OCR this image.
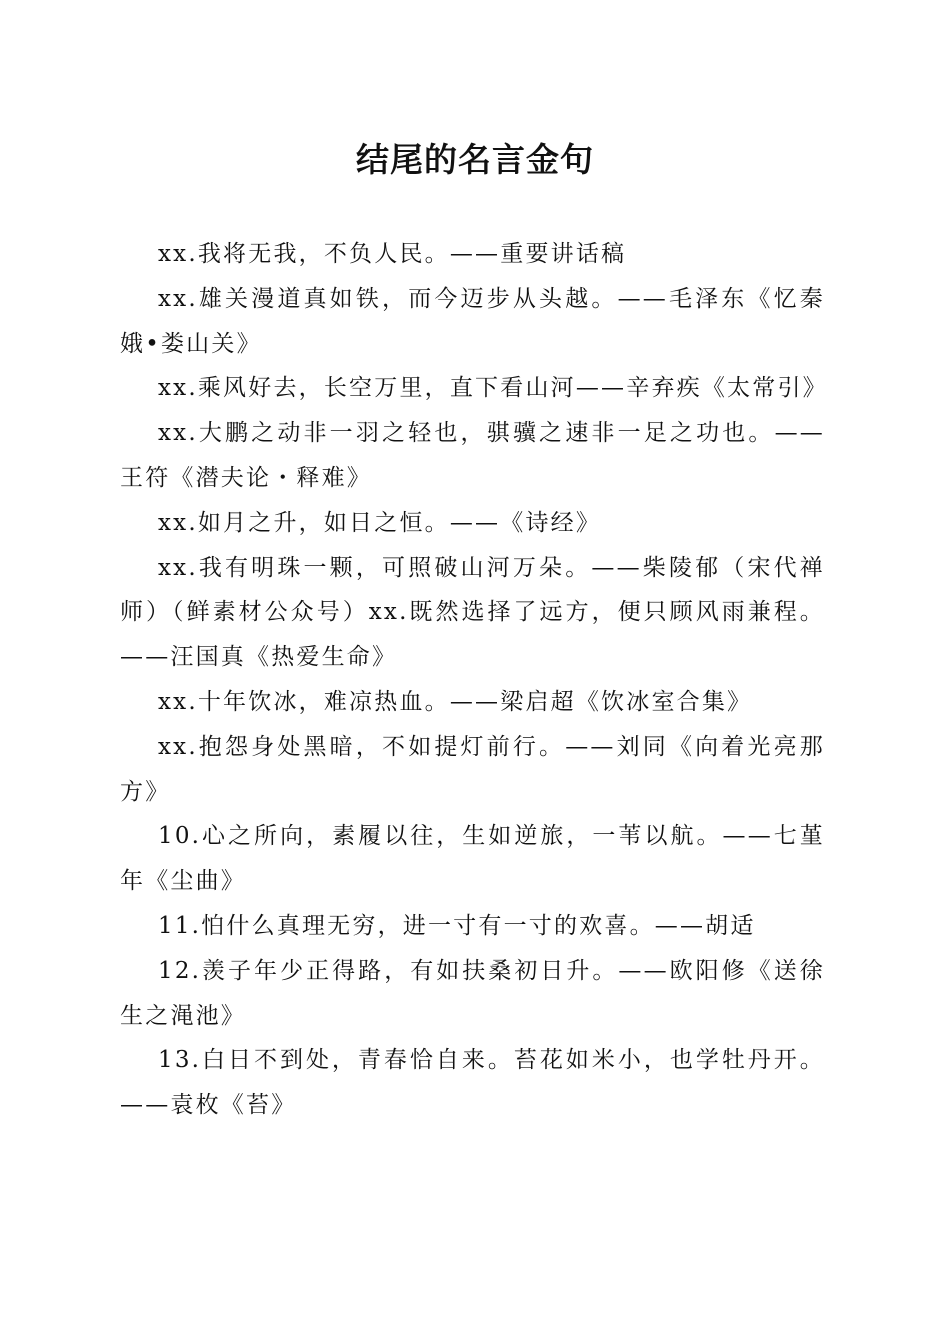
结尾的名言金句

xx.我将无我，不负人民。——重要讲话稿

xx.雄关漫道真如铁，而今迈步从头越。——毛泽东《忆秦娥•娄山关》

xx.乘风好去，长空万里，直下看山河——辛弃疾《太常引》

xx.大鹏之动非一羽之轻也，骐骥之速非一足之功也。——王符《潜夫论・释难》

xx.如月之升，如日之恒。——《诗经》

xx.我有明珠一颗，可照破山河万朵。——柴陵郁（宋代禅师）（鲜素材公众号）xx.既然选择了远方，便只顾风雨兼程。——汪国真《热爱生命》

xx.十年饮冰，难凉热血。——梁启超《饮冰室合集》

xx.抱怨身处黑暗，不如提灯前行。——刘同《向着光亮那方》

10.心之所向，素履以往，生如逆旅，一苇以航。——七堇年《尘曲》

11.怕什么真理无穷，进一寸有一寸的欢喜。——胡适

12.羡子年少正得路，有如扶桑初日升。——欧阳修《送徐生之渑池》

13.白日不到处，青春恰自来。苔花如米小，也学牡丹开。——袁枚《苔》
